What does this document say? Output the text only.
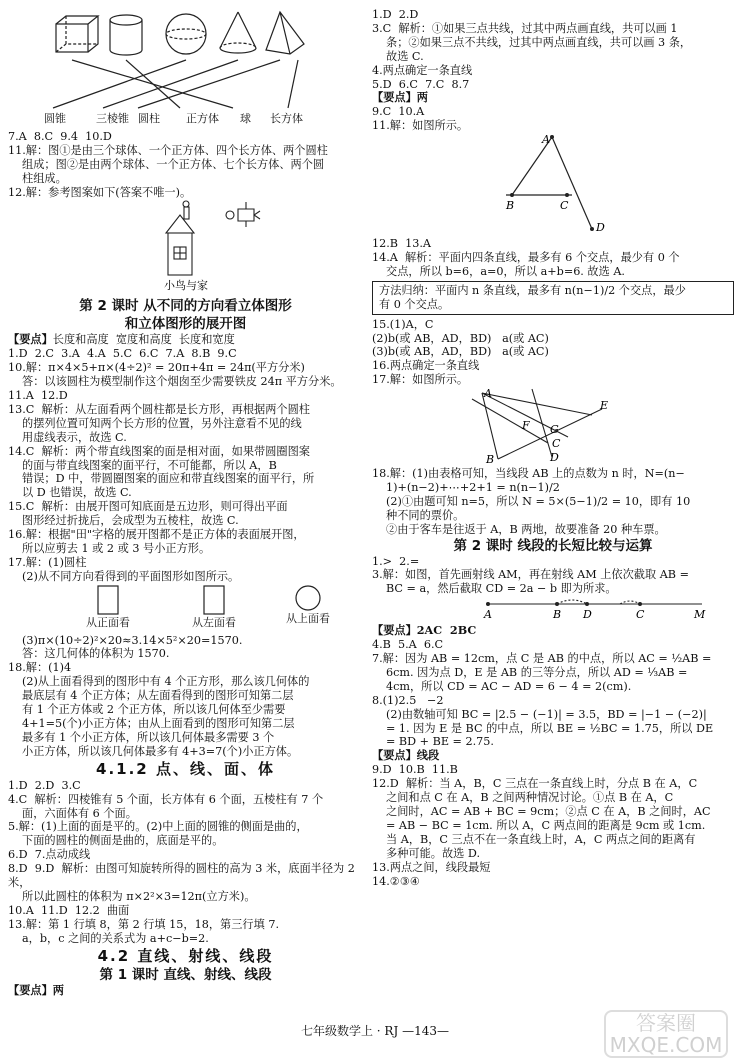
圆锥	三棱锥 圆柱 正方体 球 长方体
7.A  8.C  9.4  10.D
11.解：图①是由三个球体、一个正方体、四个长方体、两个圆柱
组成；图②是由两个球体、一个正方体、七个长方体、两个圆
柱组成。
12.解：参考图案如下(答案不唯一)。
小鸟与家
第 2 课时 从不同的方向看立体图形
和立体图形的展开图
【要点】长度和高度  宽度和高度  长度和宽度
1.D  2.C  3.A  4.A  5.C  6.C  7.A  8.B  9.C
10.解：π×4×5+π×(4÷2)² = 20π+4π = 24π(平方分米)
答：以该圆柱为模型制作这个烟囱至少需要铁皮 24π 平方分米。
11.A  12.D
13.C  解析：从左面看两个圆柱都是长方形，再根据两个圆柱
的摆列位置可知两个长方形的位置，另外注意看不见的线
用虚线表示，故选 C.
14.C  解析：两个带直线图案的面是相对面，如果带圆圈图案
的面与带直线图案的面平行，不可能都，所以 A，B
错误；D 中，带圆圈图案的面应和带直线图案的面平行，所
以 D 也错误，故选 C.
15.C  解析：由展开图可知底面是五边形，则可得出平面
图形经过折拢后，会成型为五棱柱，故选 C.
16.解：根据"田"字格的展开图都不是正方体的表面展开图，
所以应剪去 1 或 2 或 3 号小正方形。
17.解：(1)圆柱
(2)从不同方向看得到的平面图形如图所示。
从正面看	从左面看	从上面看
(3)π×(10÷2)²×20≈3.14×5²×20=1570.
答：这几何体的体积为 1570.
18.解：(1)4
(2)从上面看得到的图形中有 4 个正方形，那么该几何体的
最底层有 4 个正方体；从左面看得到的图形可知第二层
有 1 个正方体或 2 个正方体，所以该几何体至少需要
4+1=5(个)小正方体；由从上面看到的图形可知第二层
最多有 1 个小正方体，所以该几何体最多需要 3 个
小正方体，所以该几何体最多有 4+3=7(个)小正方体。
4.1.2 点、线、面、体
1.D  2.D  3.C
4.C  解析：四棱锥有 5 个面，长方体有 6 个面，五棱柱有 7 个
面，六面体有 6 个面。
5.解：(1)上面的面是平的。(2)中上面的圆锥的侧面是曲的，
下面的圆柱的侧面是曲的，底面是平的。
6.D  7.点动成线
8.D  9.D  解析：由图可知旋转所得的圆柱的高为 3 米，底面半径为 2 米，
所以此圆柱的体积为 π×2²×3=12π(立方米)。
10.A  11.D  12.2  曲面
13.解：第 1 行填 8，第 2 行填 15，18，第三行填 7.
a，b，c 之间的关系式为 a+c−b=2.
4.2 直线、射线、线段
第 1 课时 直线、射线、线段
【要点】两
1.D  2.D
3.C  解析：①如果三点共线，过其中两点画直线，共可以画 1
条；②如果三点不共线，过其中两点画直线，共可以画 3 条，
故选 C.
4.两点确定一条直线
5.D  6.C  7.C  8.7
【要点】两
9.C  10.A
11.解：如图所示。
A
B	C
D
12.B  13.A
14.A  解析：平面内四条直线，最多有 6 个交点，最少有 0 个
交点，所以 b=6，a=0，所以 a+b=6. 故选 A.
方法归纳：平面内 n 条直线，最多有 n(n−1)/2 个交点，最少
有 0 个交点。
15.(1)A，C
(2)b(或 AB，AD，BD)   a(或 AC)
(3)b(或 AB，AD，BD)   a(或 AC)
16.两点确定一条直线
17.解：如图所示。
A
B
F G
E
C
D
18.解：(1)由表格可知，当线段 AB 上的点数为 n 时，N=(n−
1)+(n−2)+⋯+2+1 = n(n−1)/2
(2)①由题可知 n=5，所以 N = 5×(5−1)/2 = 10，即有 10
种不同的票价。
②由于客车是往返于 A，B 两地，故要准备 20 种车票。
第 2 课时 线段的长短比较与运算
1.>  2.=
3.解：如图，首先画射线 AM，再在射线 AM 上依次截取 AB =
BC = a，然后截取 CD = 2a − b 即为所求。
A	B D	C	M
【要点】2AC  2BC
4.B  5.A  6.C
7.解：因为 AB = 12cm，点 C 是 AB 的中点，所以 AC = ½AB =
6cm. 因为点 D，E 是 AB 的三等分点，所以 AD = ⅓AB =
4cm，所以 CD = AC − AD = 6 − 4 = 2(cm).
8.(1)2.5   −2
(2)由数轴可知 BC = |2.5 − (−1)| = 3.5，BD = |−1 − (−2)|
= 1. 因为 E 是 BC 的中点，所以 BE = ½BC = 1.75，所以 DE
= BD + BE = 2.75.
【要点】线段
9.D  10.B  11.B
12.D  解析：当 A，B，C 三点在一条直线上时，分点 B 在 A，C
之间和点 C 在 A，B 之间两种情况讨论。①点 B 在 A，C
之间时，AC = AB + BC = 9cm；②点 C 在 A，B 之间时，AC
= AB − BC = 1cm. 所以 A，C 两点间的距离是 9cm 或 1cm.
当 A，B，C 三点不在一条直线上时，A，C 两点之间的距离有
多种可能。故选 D.
13.两点之间，线段最短
14.②③④
七年级数学上 · RJ —143—	答案圈 MXQE.COM
